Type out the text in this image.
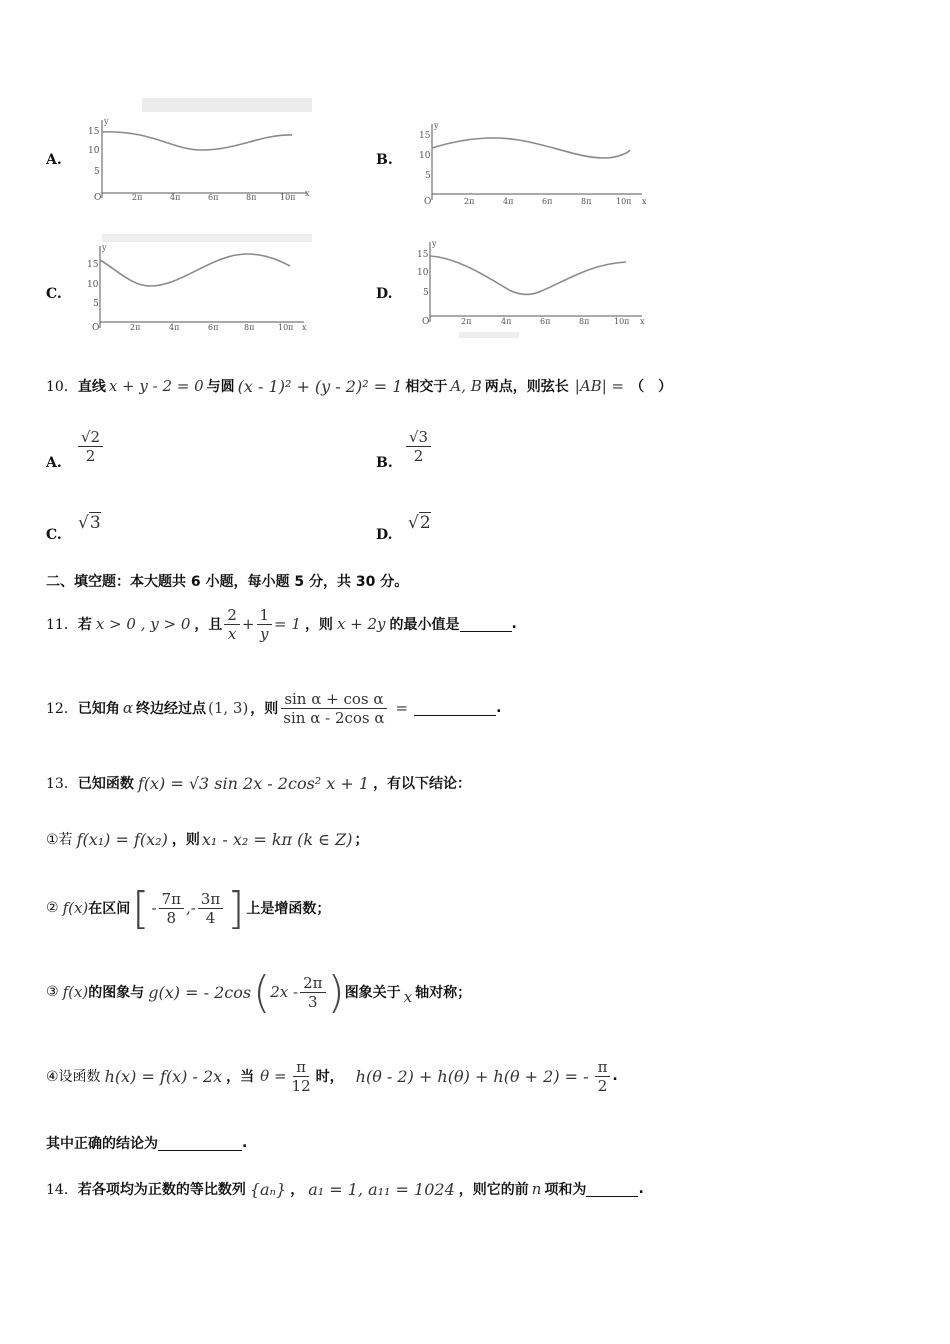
A.
y
x
15
10
5
O	2π	4π	6π	8π	10π
B.
y
x
15
10
5
O	2π	4π	6π	8π	10π
C.
y
x
15
10
5
O	2π	4π	6π	8π	10π
D.
y
x
15
10
5
O	2π	4π	6π	8π	10π
10． 直线 x + y - 2 = 0 与圆 (x - 1)² + (y - 2)² = 1 相交于 A, B 两点，则弦长 |AB| = （　）
A. $\frac{√2}{2}$	B. $\frac{√3}{2}$
C.
√3
D.
√2
二、填空题：本大题共 6 小题，每小题 5 分，共 30 分。
11． 若 x > 0 , y > 0 ，且 $\frac{2}{x} + \frac{1}{y} = 1$ ，则 x + 2y 的最小值是	.
12． 已知角 α 终边经过点 (1, 3) ，则 $\frac{\text{sin α + cos α}}{\text{sin α - 2cos α}}$ =	.
13． 已知函数 f(x) = √3 sin 2x - 2cos² x + 1 ，有以下结论：
①若 f(x₁) = f(x₂) ，则 x₁ - x₂ = kπ (k ∈ Z) ；
② f(x) 在区间 [ - $\frac{7\pi}{8}$ , - $\frac{3\pi}{4}$ ] 上是增函数；
③ f(x) 的图象与 g(x) = - 2cos ( $2x - \frac{2\pi}{3}$ ) 图象关于 x 轴对称；
④设函数 h(x) = f(x) - 2x ，当 $\theta = \frac{\pi}{12}$ 时， h(θ - 2) + h(θ) + h(θ + 2) = - $\frac{\pi}{2}$ .
其中正确的结论为	.
14． 若各项均为正数的等比数列 {aₙ} ， a₁ = 1, a₁₁ = 1024 ，则它的前 n 项和为	.
